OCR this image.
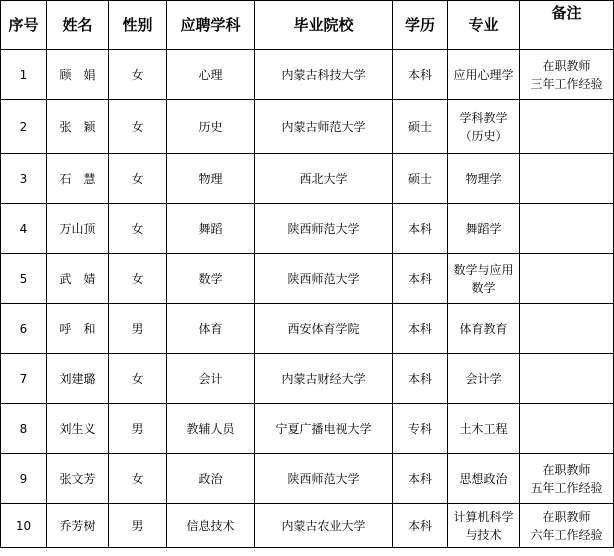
序号	姓名	性别	应聘学科	毕业院校	学历	专业	备注
1	顾　娟	女	心理	内蒙古科技大学	本科	应用心理学	在职教师
三年工作经验
2	张　颖	女	历史	内蒙古师范大学	硕士	学科教学
（历史）	
3	石　慧	女	物理	西北大学	硕士	物理学	
4	万山顶	女	舞蹈	陕西师范大学	本科	舞蹈学	
5	武　婧	女	数学	陕西师范大学	本科	数学与应用
数学	
6	呼　和	男	体育	西安体育学院	本科	体育教育	
7	刘建璐	女	会计	内蒙古财经大学	本科	会计学	
8	刘生义	男	教辅人员	宁夏广播电视大学	专科	土木工程	
9	张文芳	女	政治	陕西师范大学	本科	思想政治	在职教师
五年工作经验
10	乔芳树	男	信息技术	内蒙古农业大学	本科	计算机科学
与技术	在职教师
六年工作经验
